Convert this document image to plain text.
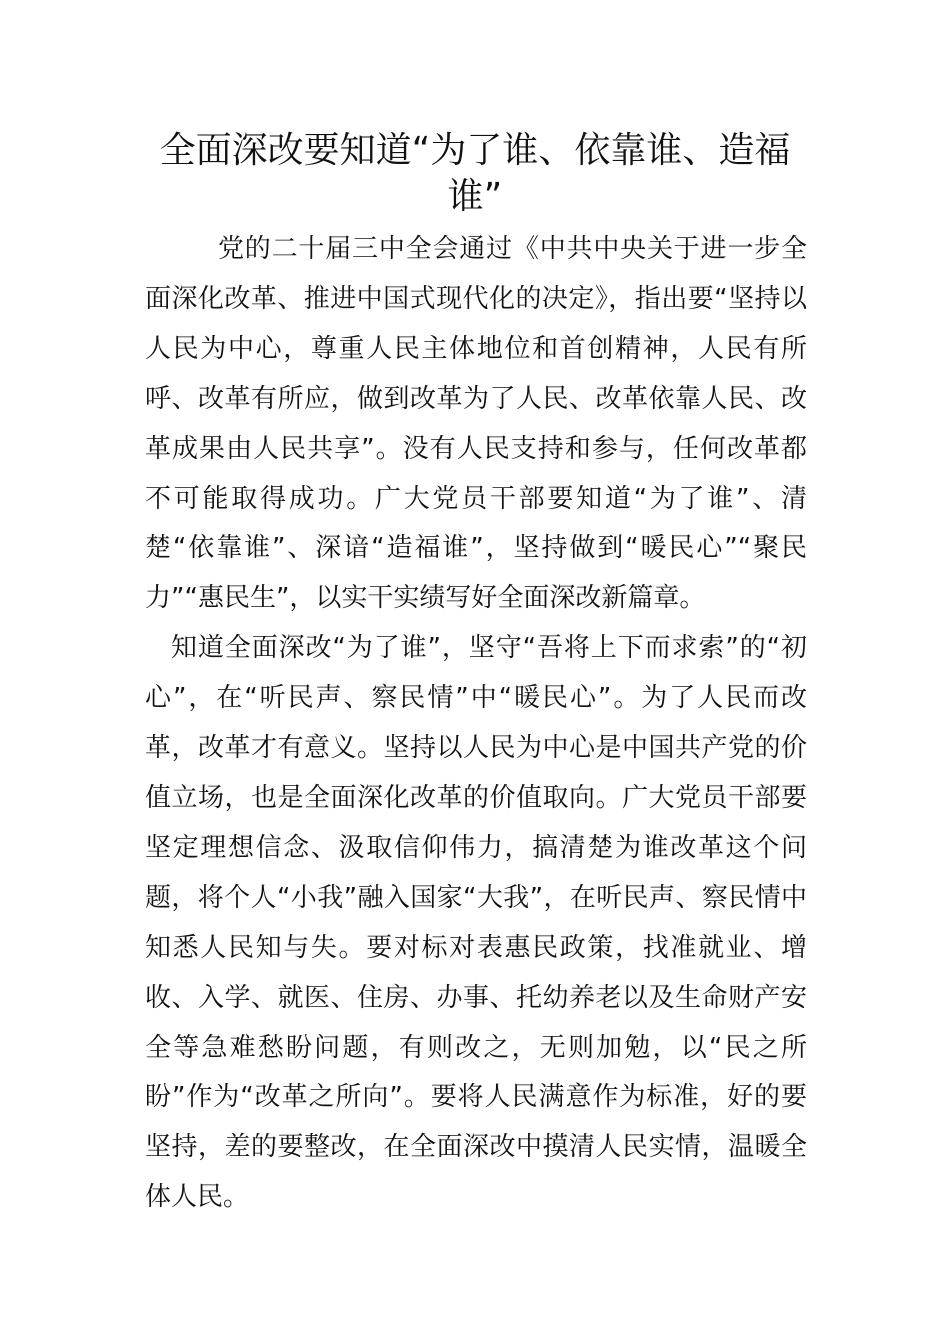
全面深改要知道“为了谁、依靠谁、造福谁”

党的二十届三中全会通过《中共中央关于进一步全面深化改革、推进中国式现代化的决定》，指出要“坚持以人民为中心，尊重人民主体地位和首创精神，人民有所呼、改革有所应，做到改革为了人民、改革依靠人民、改革成果由人民共享”。没有人民支持和参与，任何改革都不可能取得成功。广大党员干部要知道“为了谁”、清楚“依靠谁”、深谙“造福谁”，坚持做到“暖民心”“聚民力”“惠民生”，以实干实绩写好全面深改新篇章。

知道全面深改“为了谁”，坚守“吾将上下而求索”的“初心”，在“听民声、察民情”中“暖民心”。为了人民而改革，改革才有意义。坚持以人民为中心是中国共产党的价值立场，也是全面深化改革的价值取向。广大党员干部要坚定理想信念、汲取信仰伟力，搞清楚为谁改革这个问题，将个人“小我”融入国家“大我”，在听民声、察民情中知悉人民知与失。要对标对表惠民政策，找准就业、增收、入学、就医、住房、办事、托幼养老以及生命财产安全等急难愁盼问题，有则改之，无则加勉，以“民之所盼”作为“改革之所向”。要将人民满意作为标准，好的要坚持，差的要整改，在全面深改中摸清人民实情，温暖全体人民。
